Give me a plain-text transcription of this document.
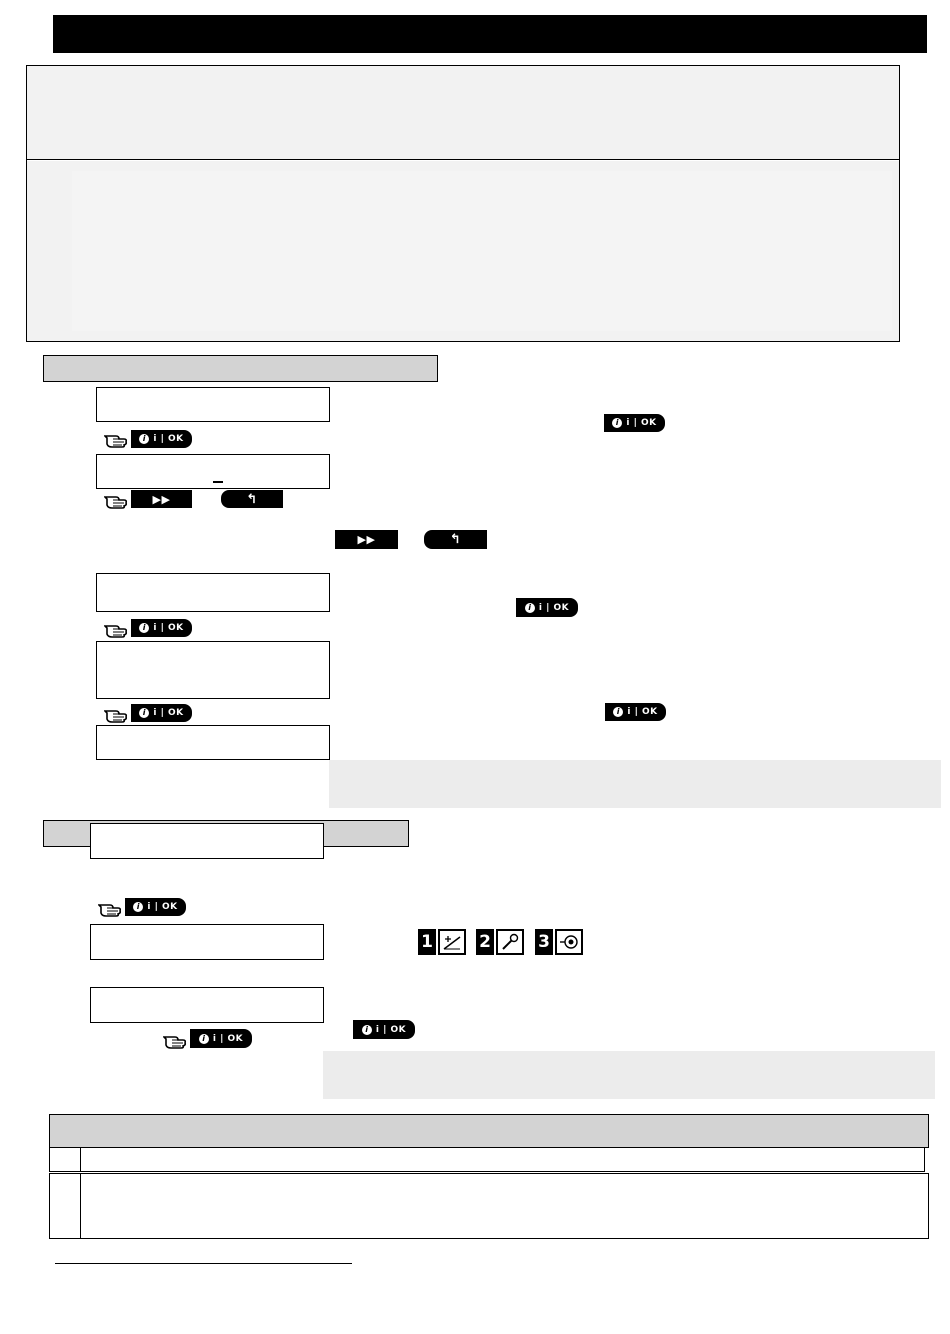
i i | OK
i i | OK
▶▶	↰
▶▶	↰
i i | OK
i i | OK
i i | OK	i i | OK
i i | OK
1	2	3
i i | OK
i i | OK
